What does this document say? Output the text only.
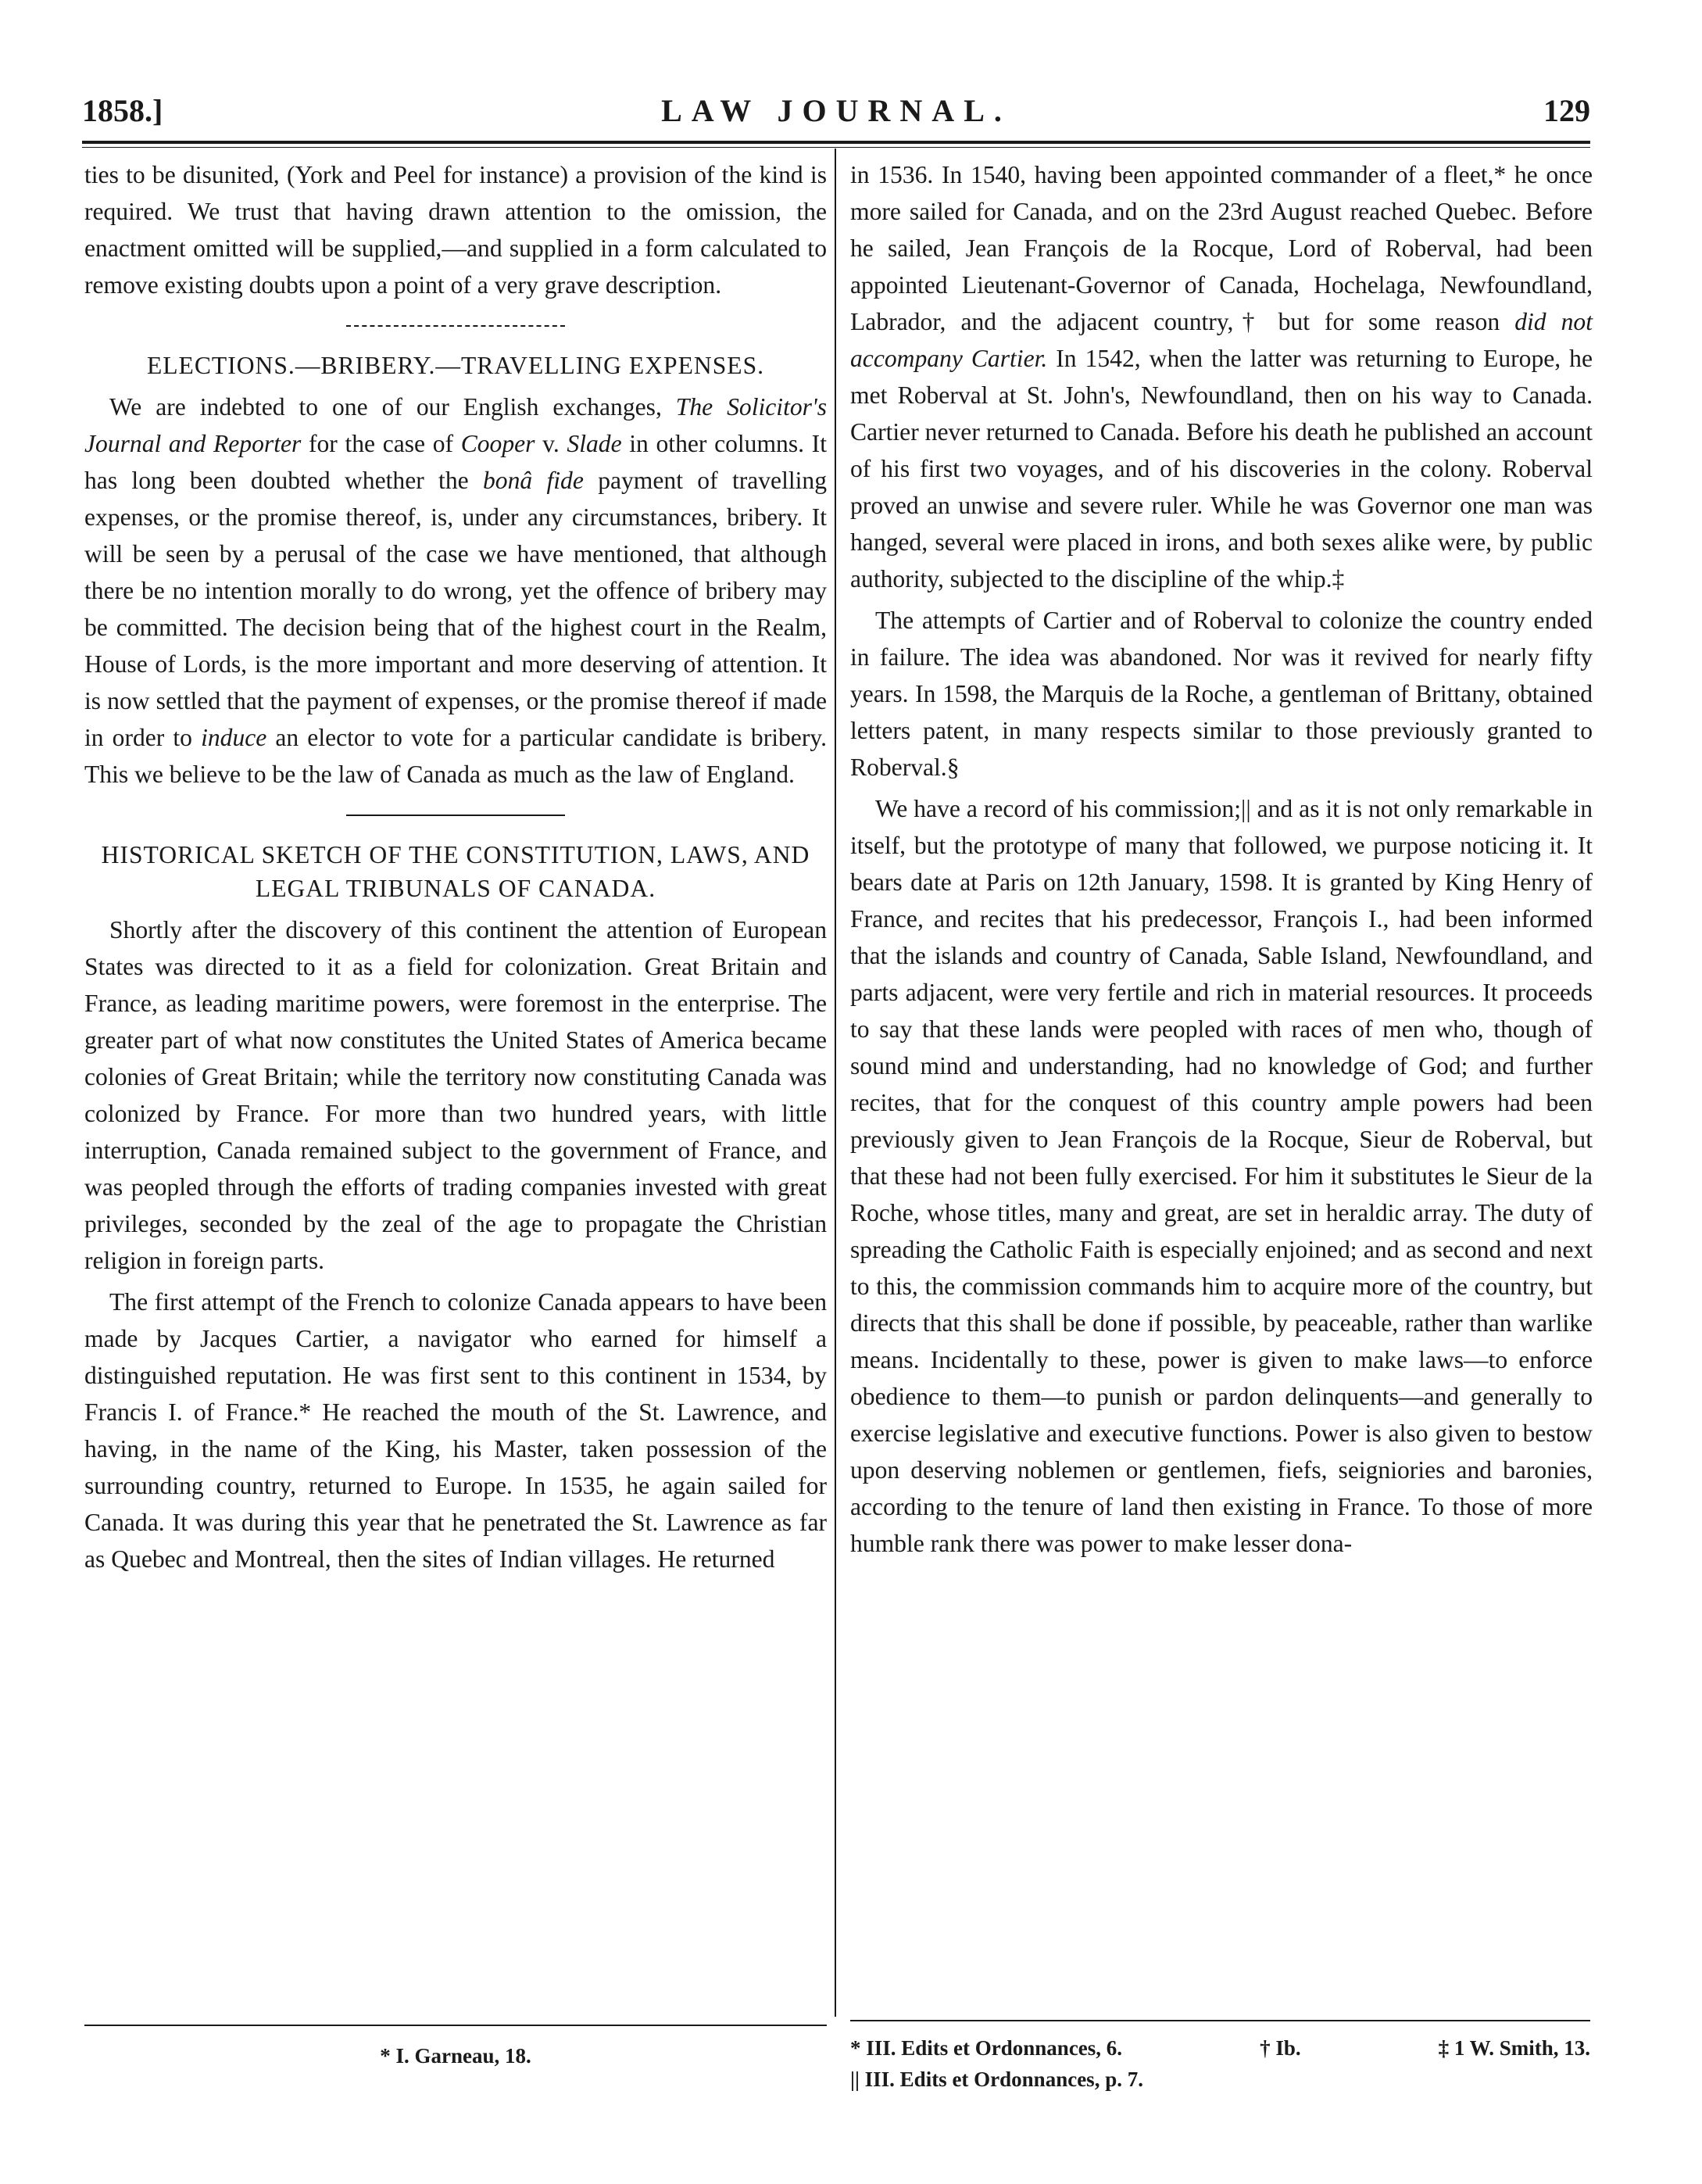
1858.]	LAW JOURNAL.	129

ties to be disunited, (York and Peel for instance) a provision of the kind is required. We trust that having drawn attention to the omission, the enactment omitted will be supplied,—and supplied in a form calculated to remove existing doubts upon a point of a very grave description.

ELECTIONS.—BRIBERY.—TRAVELLING EXPENSES.

We are indebted to one of our English exchanges, The Solicitor's Journal and Reporter for the case of Cooper v. Slade in other columns. It has long been doubted whether the bonâ fide payment of travelling expenses, or the promise thereof, is, under any circumstances, bribery. It will be seen by a perusal of the case we have mentioned, that although there be no intention morally to do wrong, yet the offence of bribery may be committed. The decision being that of the highest court in the Realm, House of Lords, is the more important and more deserving of attention. It is now settled that the payment of expenses, or the promise thereof if made in order to induce an elector to vote for a particular candidate is bribery. This we believe to be the law of Canada as much as the law of England.

HISTORICAL SKETCH OF THE CONSTITUTION, LAWS, AND LEGAL TRIBUNALS OF CANADA.

Shortly after the discovery of this continent the attention of European States was directed to it as a field for colonization. Great Britain and France, as leading maritime powers, were foremost in the enterprise. The greater part of what now constitutes the United States of America became colonies of Great Britain; while the territory now constituting Canada was colonized by France. For more than two hundred years, with little interruption, Canada remained subject to the government of France, and was peopled through the efforts of trading companies invested with great privileges, seconded by the zeal of the age to propagate the Christian religion in foreign parts.

The first attempt of the French to colonize Canada appears to have been made by Jacques Cartier, a navigator who earned for himself a distinguished reputation. He was first sent to this continent in 1534, by Francis I. of France.* He reached the mouth of the St. Lawrence, and having, in the name of the King, his Master, taken possession of the surrounding country, returned to Europe. In 1535, he again sailed for Canada. It was during this year that he penetrated the St. Lawrence as far as Quebec and Montreal, then the sites of Indian villages. He returned

in 1536. In 1540, having been appointed commander of a fleet,* he once more sailed for Canada, and on the 23rd August reached Quebec. Before he sailed, Jean François de la Rocque, Lord of Roberval, had been appointed Lieutenant-Governor of Canada, Hochelaga, Newfoundland, Labrador, and the adjacent country,† but for some reason did not accompany Cartier. In 1542, when the latter was returning to Europe, he met Roberval at St. John's, Newfoundland, then on his way to Canada. Cartier never returned to Canada. Before his death he published an account of his first two voyages, and of his discoveries in the colony. Roberval proved an unwise and severe ruler. While he was Governor one man was hanged, several were placed in irons, and both sexes alike were, by public authority, subjected to the discipline of the whip.‡

The attempts of Cartier and of Roberval to colonize the country ended in failure. The idea was abandoned. Nor was it revived for nearly fifty years. In 1598, the Marquis de la Roche, a gentleman of Brittany, obtained letters patent, in many respects similar to those previously granted to Roberval.§

We have a record of his commission;|| and as it is not only remarkable in itself, but the prototype of many that followed, we purpose noticing it. It bears date at Paris on 12th January, 1598. It is granted by King Henry of France, and recites that his predecessor, François I., had been informed that the islands and country of Canada, Sable Island, Newfoundland, and parts adjacent, were very fertile and rich in material resources. It proceeds to say that these lands were peopled with races of men who, though of sound mind and understanding, had no knowledge of God; and further recites, that for the conquest of this country ample powers had been previously given to Jean François de la Rocque, Sieur de Roberval, but that these had not been fully exercised. For him it substitutes le Sieur de la Roche, whose titles, many and great, are set in heraldic array. The duty of spreading the Catholic Faith is especially enjoined; and as second and next to this, the commission commands him to acquire more of the country, but directs that this shall be done if possible, by peaceable, rather than warlike means. Incidentally to these, power is given to make laws—to enforce obedience to them—to punish or pardon delinquents—and generally to exercise legislative and executive functions. Power is also given to bestow upon deserving noblemen or gentlemen, fiefs, seigniories and baronies, according to the tenure of land then existing in France. To those of more humble rank there was power to make lesser dona-

* I. Garneau, 18.	* III. Edits et Ordonnances, 6.	† Ib.	‡ 1 W. Smith, 13.
|| III. Edits et Ordonnances, p. 7.
